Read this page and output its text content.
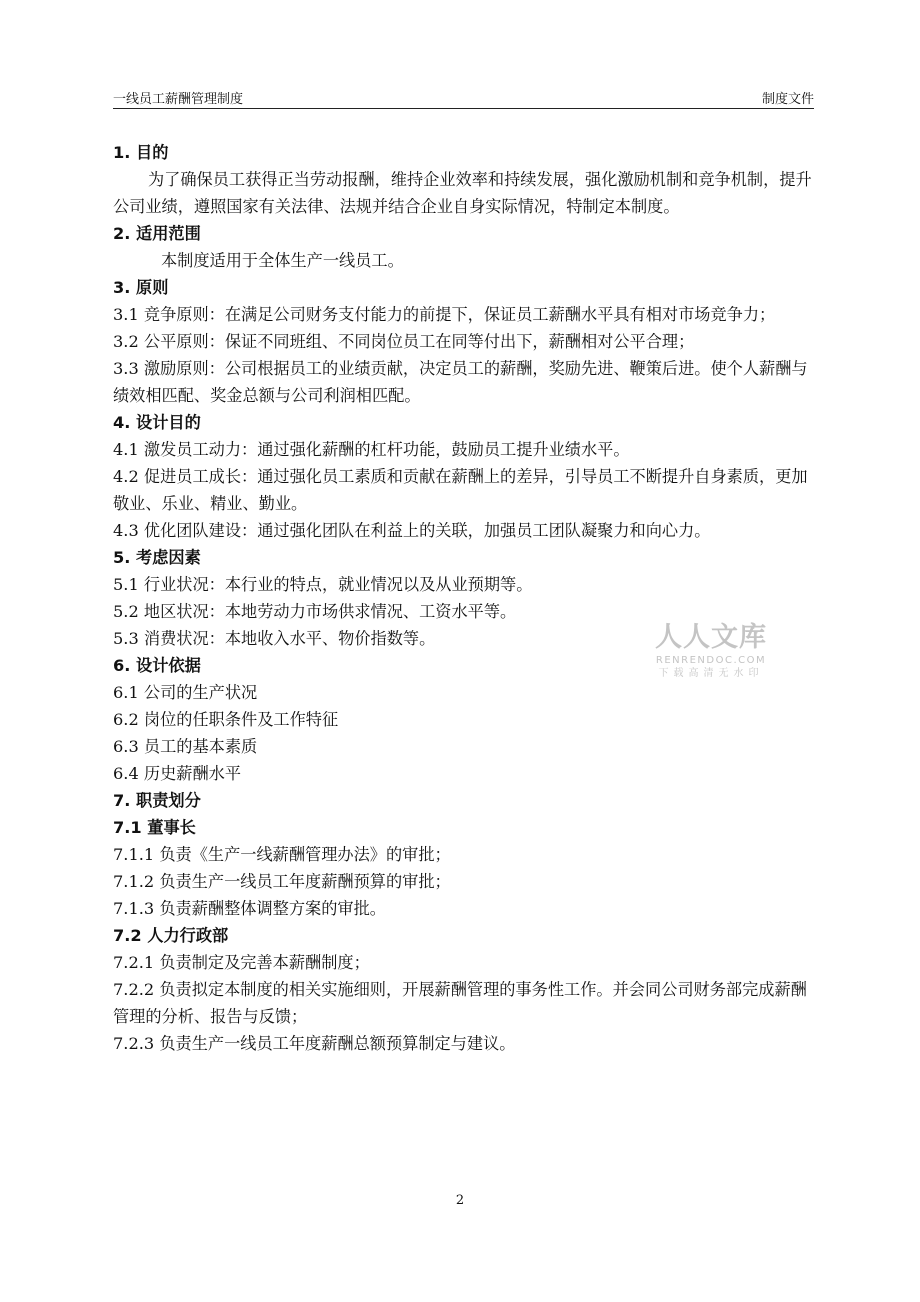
一线员工薪酬管理制度	制度文件

1. 目的

为了确保员工获得正当劳动报酬，维持企业效率和持续发展，强化激励机制和竞争机制，提升公司业绩，遵照国家有关法律、法规并结合企业自身实际情况，特制定本制度。

2. 适用范围

本制度适用于全体生产一线员工。

3. 原则

3.1 竞争原则：在满足公司财务支付能力的前提下，保证员工薪酬水平具有相对市场竞争力；

3.2 公平原则：保证不同班组、不同岗位员工在同等付出下，薪酬相对公平合理；

3.3 激励原则：公司根据员工的业绩贡献，决定员工的薪酬，奖励先进、鞭策后进。使个人薪酬与绩效相匹配、奖金总额与公司利润相匹配。

4. 设计目的

4.1 激发员工动力：通过强化薪酬的杠杆功能，鼓励员工提升业绩水平。

4.2 促进员工成长：通过强化员工素质和贡献在薪酬上的差异，引导员工不断提升自身素质，更加敬业、乐业、精业、勤业。

4.3 优化团队建设：通过强化团队在利益上的关联，加强员工团队凝聚力和向心力。

5. 考虑因素

5.1 行业状况：本行业的特点，就业情况以及从业预期等。

5.2 地区状况：本地劳动力市场供求情况、工资水平等。

5.3 消费状况：本地收入水平、物价指数等。

6. 设计依据

6.1 公司的生产状况

6.2 岗位的任职条件及工作特征

6.3 员工的基本素质

6.4 历史薪酬水平

7. 职责划分

7.1 董事长

7.1.1 负责《生产一线薪酬管理办法》的审批；

7.1.2 负责生产一线员工年度薪酬预算的审批；

7.1.3 负责薪酬整体调整方案的审批。

7.2 人力行政部

7.2.1 负责制定及完善本薪酬制度；

7.2.2 负责拟定本制度的相关实施细则，开展薪酬管理的事务性工作。并会同公司财务部完成薪酬管理的分析、报告与反馈；

7.2.3 负责生产一线员工年度薪酬总额预算制定与建议。

人人文库
RENRENDOC.COM
下载高清无水印
2
